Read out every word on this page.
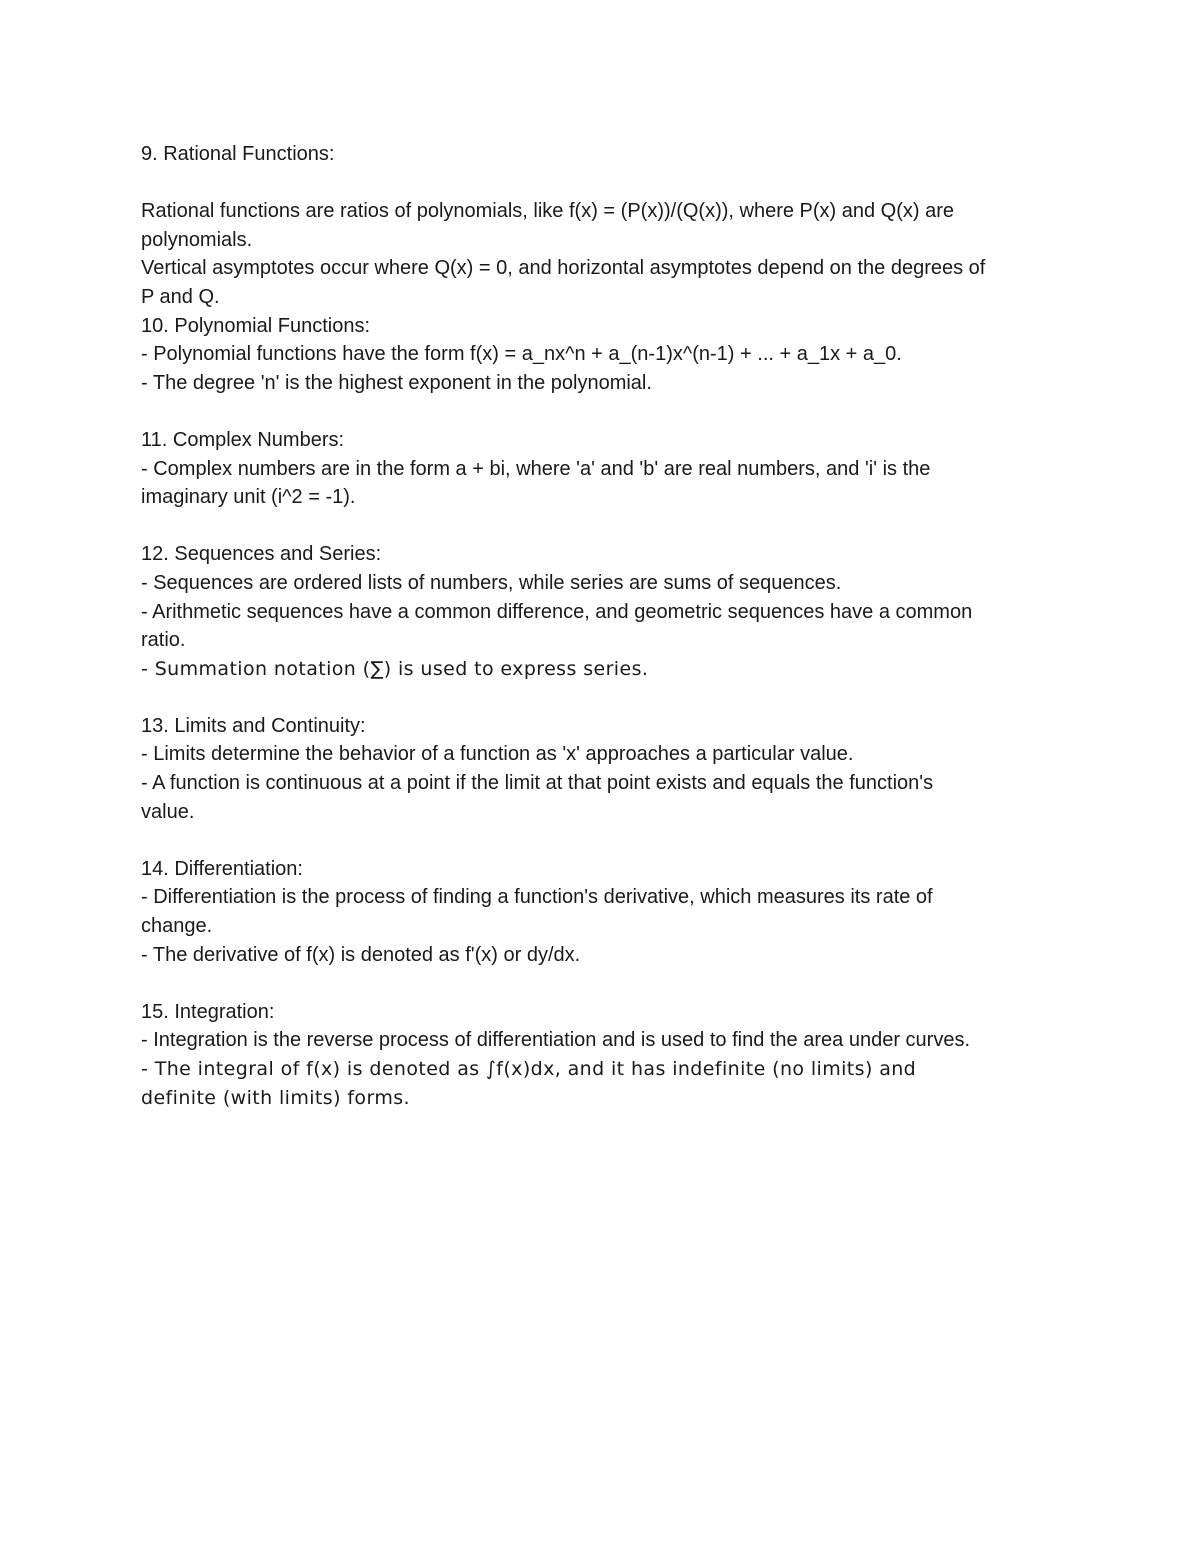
9. Rational Functions:

Rational functions are ratios of polynomials, like f(x) = (P(x))/(Q(x)), where P(x) and Q(x) are

polynomials.

Vertical asymptotes occur where Q(x) = 0, and horizontal asymptotes depend on the degrees of

P and Q.

10. Polynomial Functions:

- Polynomial functions have the form f(x) = a_nx^n + a_(n-1)x^(n-1) + ... + a_1x + a_0.

- The degree 'n' is the highest exponent in the polynomial.

11. Complex Numbers:

- Complex numbers are in the form a + bi, where 'a' and 'b' are real numbers, and 'i' is the

imaginary unit (i^2 = -1).

12. Sequences and Series:

- Sequences are ordered lists of numbers, while series are sums of sequences.

- Arithmetic sequences have a common difference, and geometric sequences have a common

ratio.

- Summation notation (∑) is used to express series.

13. Limits and Continuity:

- Limits determine the behavior of a function as 'x' approaches a particular value.

- A function is continuous at a point if the limit at that point exists and equals the function's

value.

14. Differentiation:

- Differentiation is the process of finding a function's derivative, which measures its rate of

change.

- The derivative of f(x) is denoted as f'(x) or dy/dx.

15. Integration:

- Integration is the reverse process of differentiation and is used to find the area under curves.

- The integral of f(x) is denoted as ∫f(x)dx, and it has indefinite (no limits) and

definite (with limits) forms.
